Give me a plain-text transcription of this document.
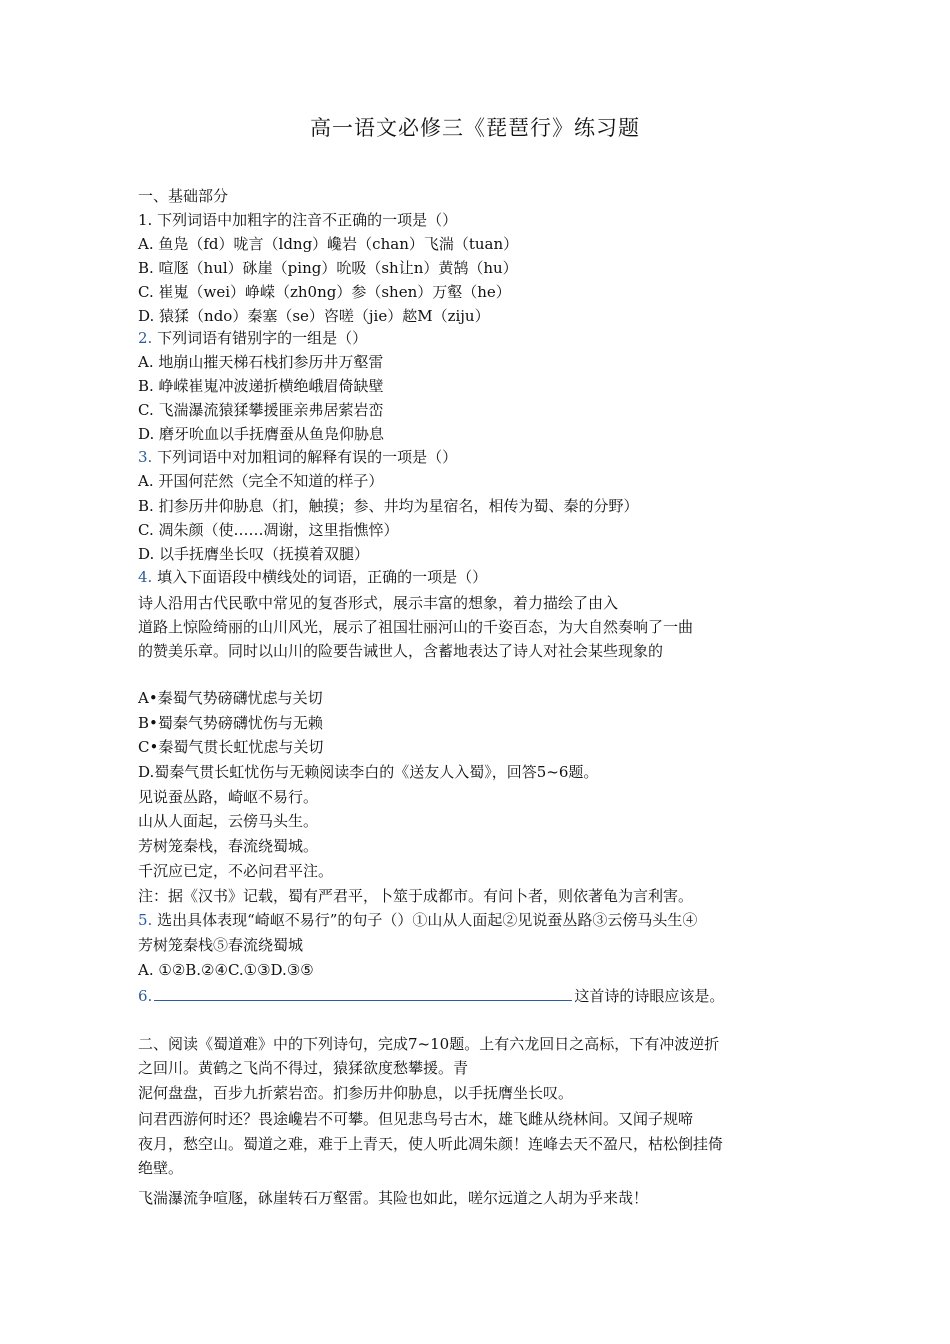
高一语文必修三《琵琶行》练习题
一、基础部分
1. 下列词语中加粗字的注音不正确的一项是（）
A. 鱼凫（fd）咙言（ldng）巉岩（chan）飞湍（tuan）
B. 喧豗（hul）砯崖（ping）吮吸（sh让n）黄鹄（hu）
C. 崔嵬（wei）峥嵘（zh0ng）参（shen）万壑（he）
D. 猿猱（ndo）秦塞（se）咨嗟（jie）趑M（ziju）
2. 下列词语有错别字的一组是（）
A. 地崩山摧天梯石栈扪参历井万壑雷
B. 峥嵘崔嵬冲波递折横绝峨眉倚缺壁
C. 飞湍瀑流猿猱攀援匪亲弗居萦岩峦
D. 磨牙吮血以手抚膺蚕从鱼凫仰胁息
3. 下列词语中对加粗词的解释有误的一项是（）
A. 开国何茫然（完全不知道的样子）
B. 扪参历井仰胁息（扪，触摸；参、井均为星宿名，相传为蜀、秦的分野）
C. 凋朱颜（使……凋谢，这里指憔悴）
D. 以手抚膺坐长叹（抚摸着双腿）
4. 填入下面语段中横线处的词语，正确的一项是（）
诗人沿用古代民歌中常见的复沓形式，展示丰富的想象，着力描绘了由入
道路上惊险绮丽的山川风光，展示了祖国壮丽河山的千姿百态，为大自然奏响了一曲
的赞美乐章。同时以山川的险要告诫世人，含蓄地表达了诗人对社会某些现象的
A•秦蜀气势磅礴忧虑与关切
B•蜀秦气势磅礴忧伤与无赖
C•秦蜀气贯长虹忧虑与关切
D.蜀秦气贯长虹忧伤与无赖阅读李白的《送友人入蜀》，回答5~6题。
见说蚕丛路，崎岖不易行。
山从人面起，云傍马头生。
芳树笼秦栈，春流绕蜀城。
千沉应已定，不必问君平注。
注：据《汉书》记载，蜀有严君平，卜筮于成都市。有问卜者，则依著龟为言利害。
5. 选出具体表现“崎岖不易行”的句子（）①山从人面起②见说蚕丛路③云傍马头生④
芳树笼秦栈⑤春流绕蜀城
A. ①②B.②④C.①③D.③⑤
6.	这首诗的诗眼应该是。
二、阅读《蜀道难》中的下列诗句，完成7~10题。上有六龙回日之高标，下有冲波逆折
之回川。黄鹤之飞尚不得过，猿猱欲度愁攀援。青
泥何盘盘，百步九折萦岩峦。扪参历井仰胁息，以手抚膺坐长叹。
问君西游何时还？畏途巉岩不可攀。但见悲鸟号古木，雄飞雌从绕林间。又闻子规啼
夜月，愁空山。蜀道之难，难于上青天，使人听此凋朱颜！连峰去天不盈尺，枯松倒挂倚
绝壁。
飞湍瀑流争喧豗，砯崖转石万壑雷。其险也如此，嗟尔远道之人胡为乎来哉！
